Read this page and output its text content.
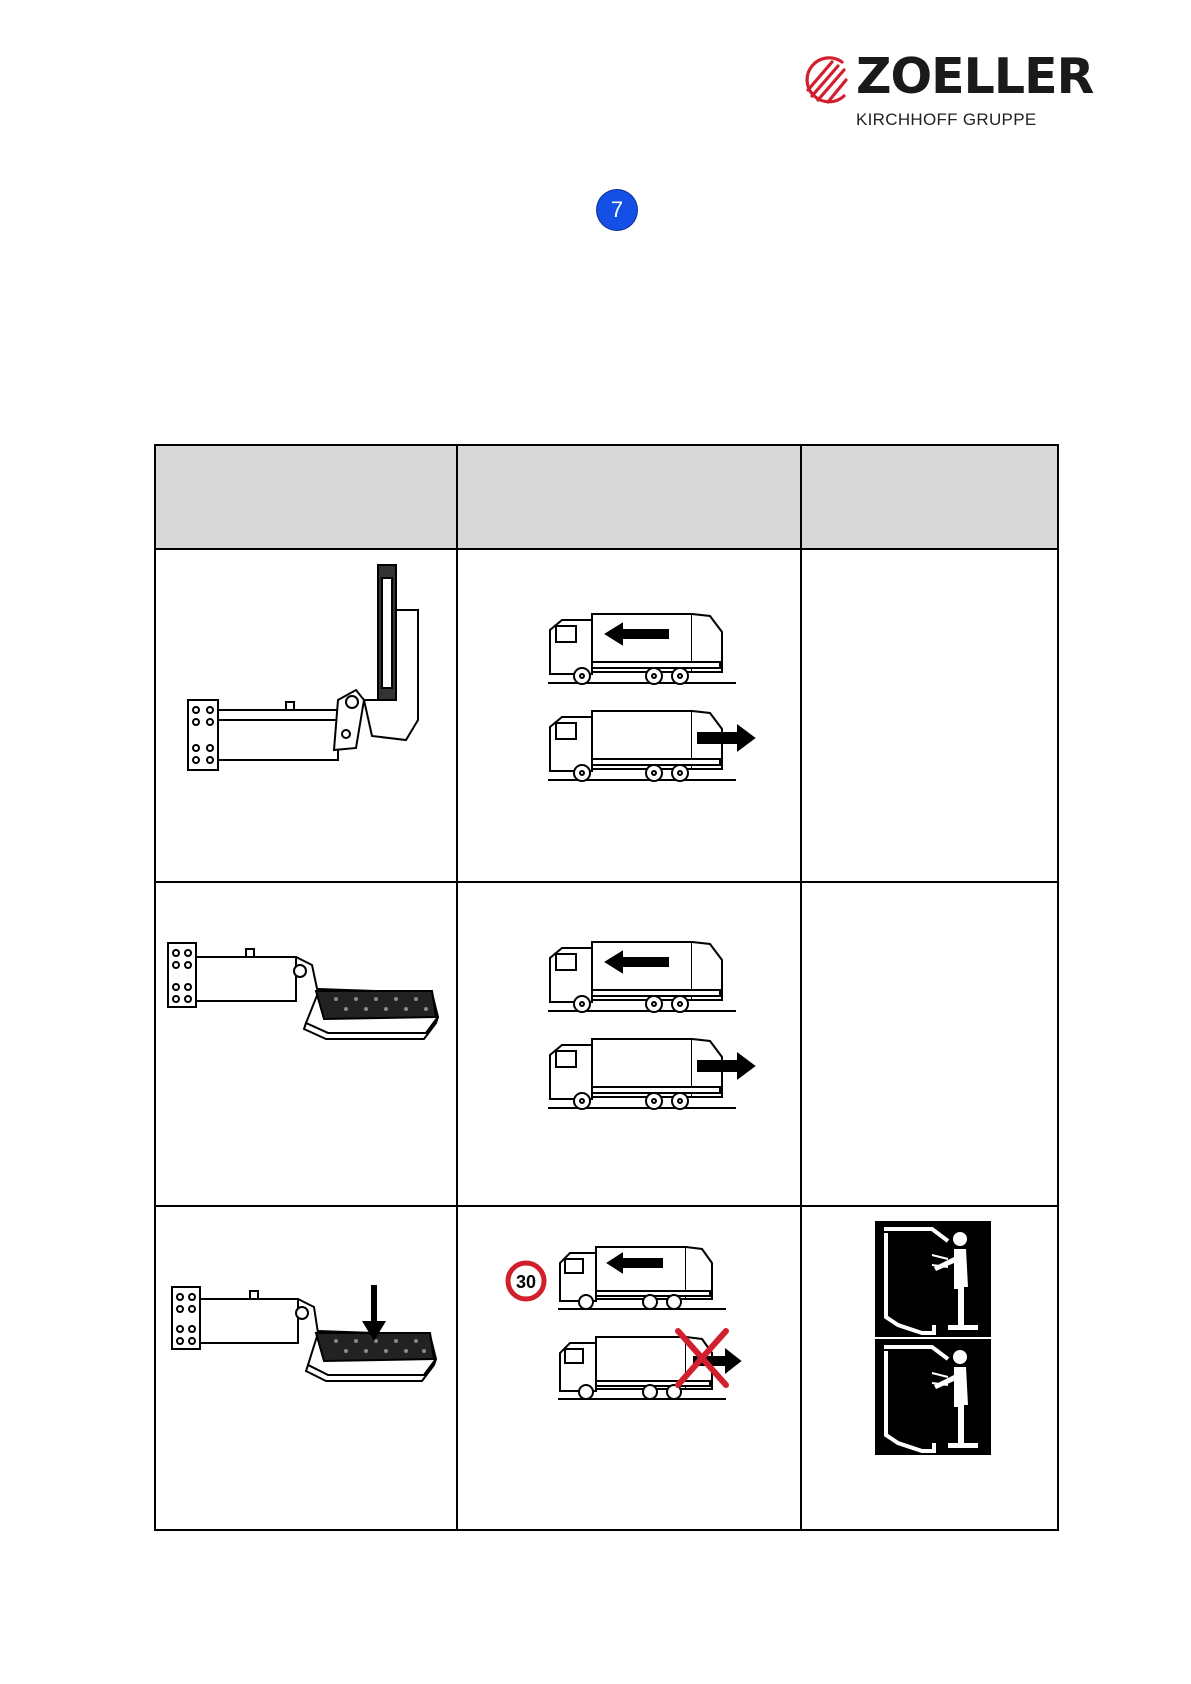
ZOELLER
KIRCHHOFF GRUPPE
7

30
